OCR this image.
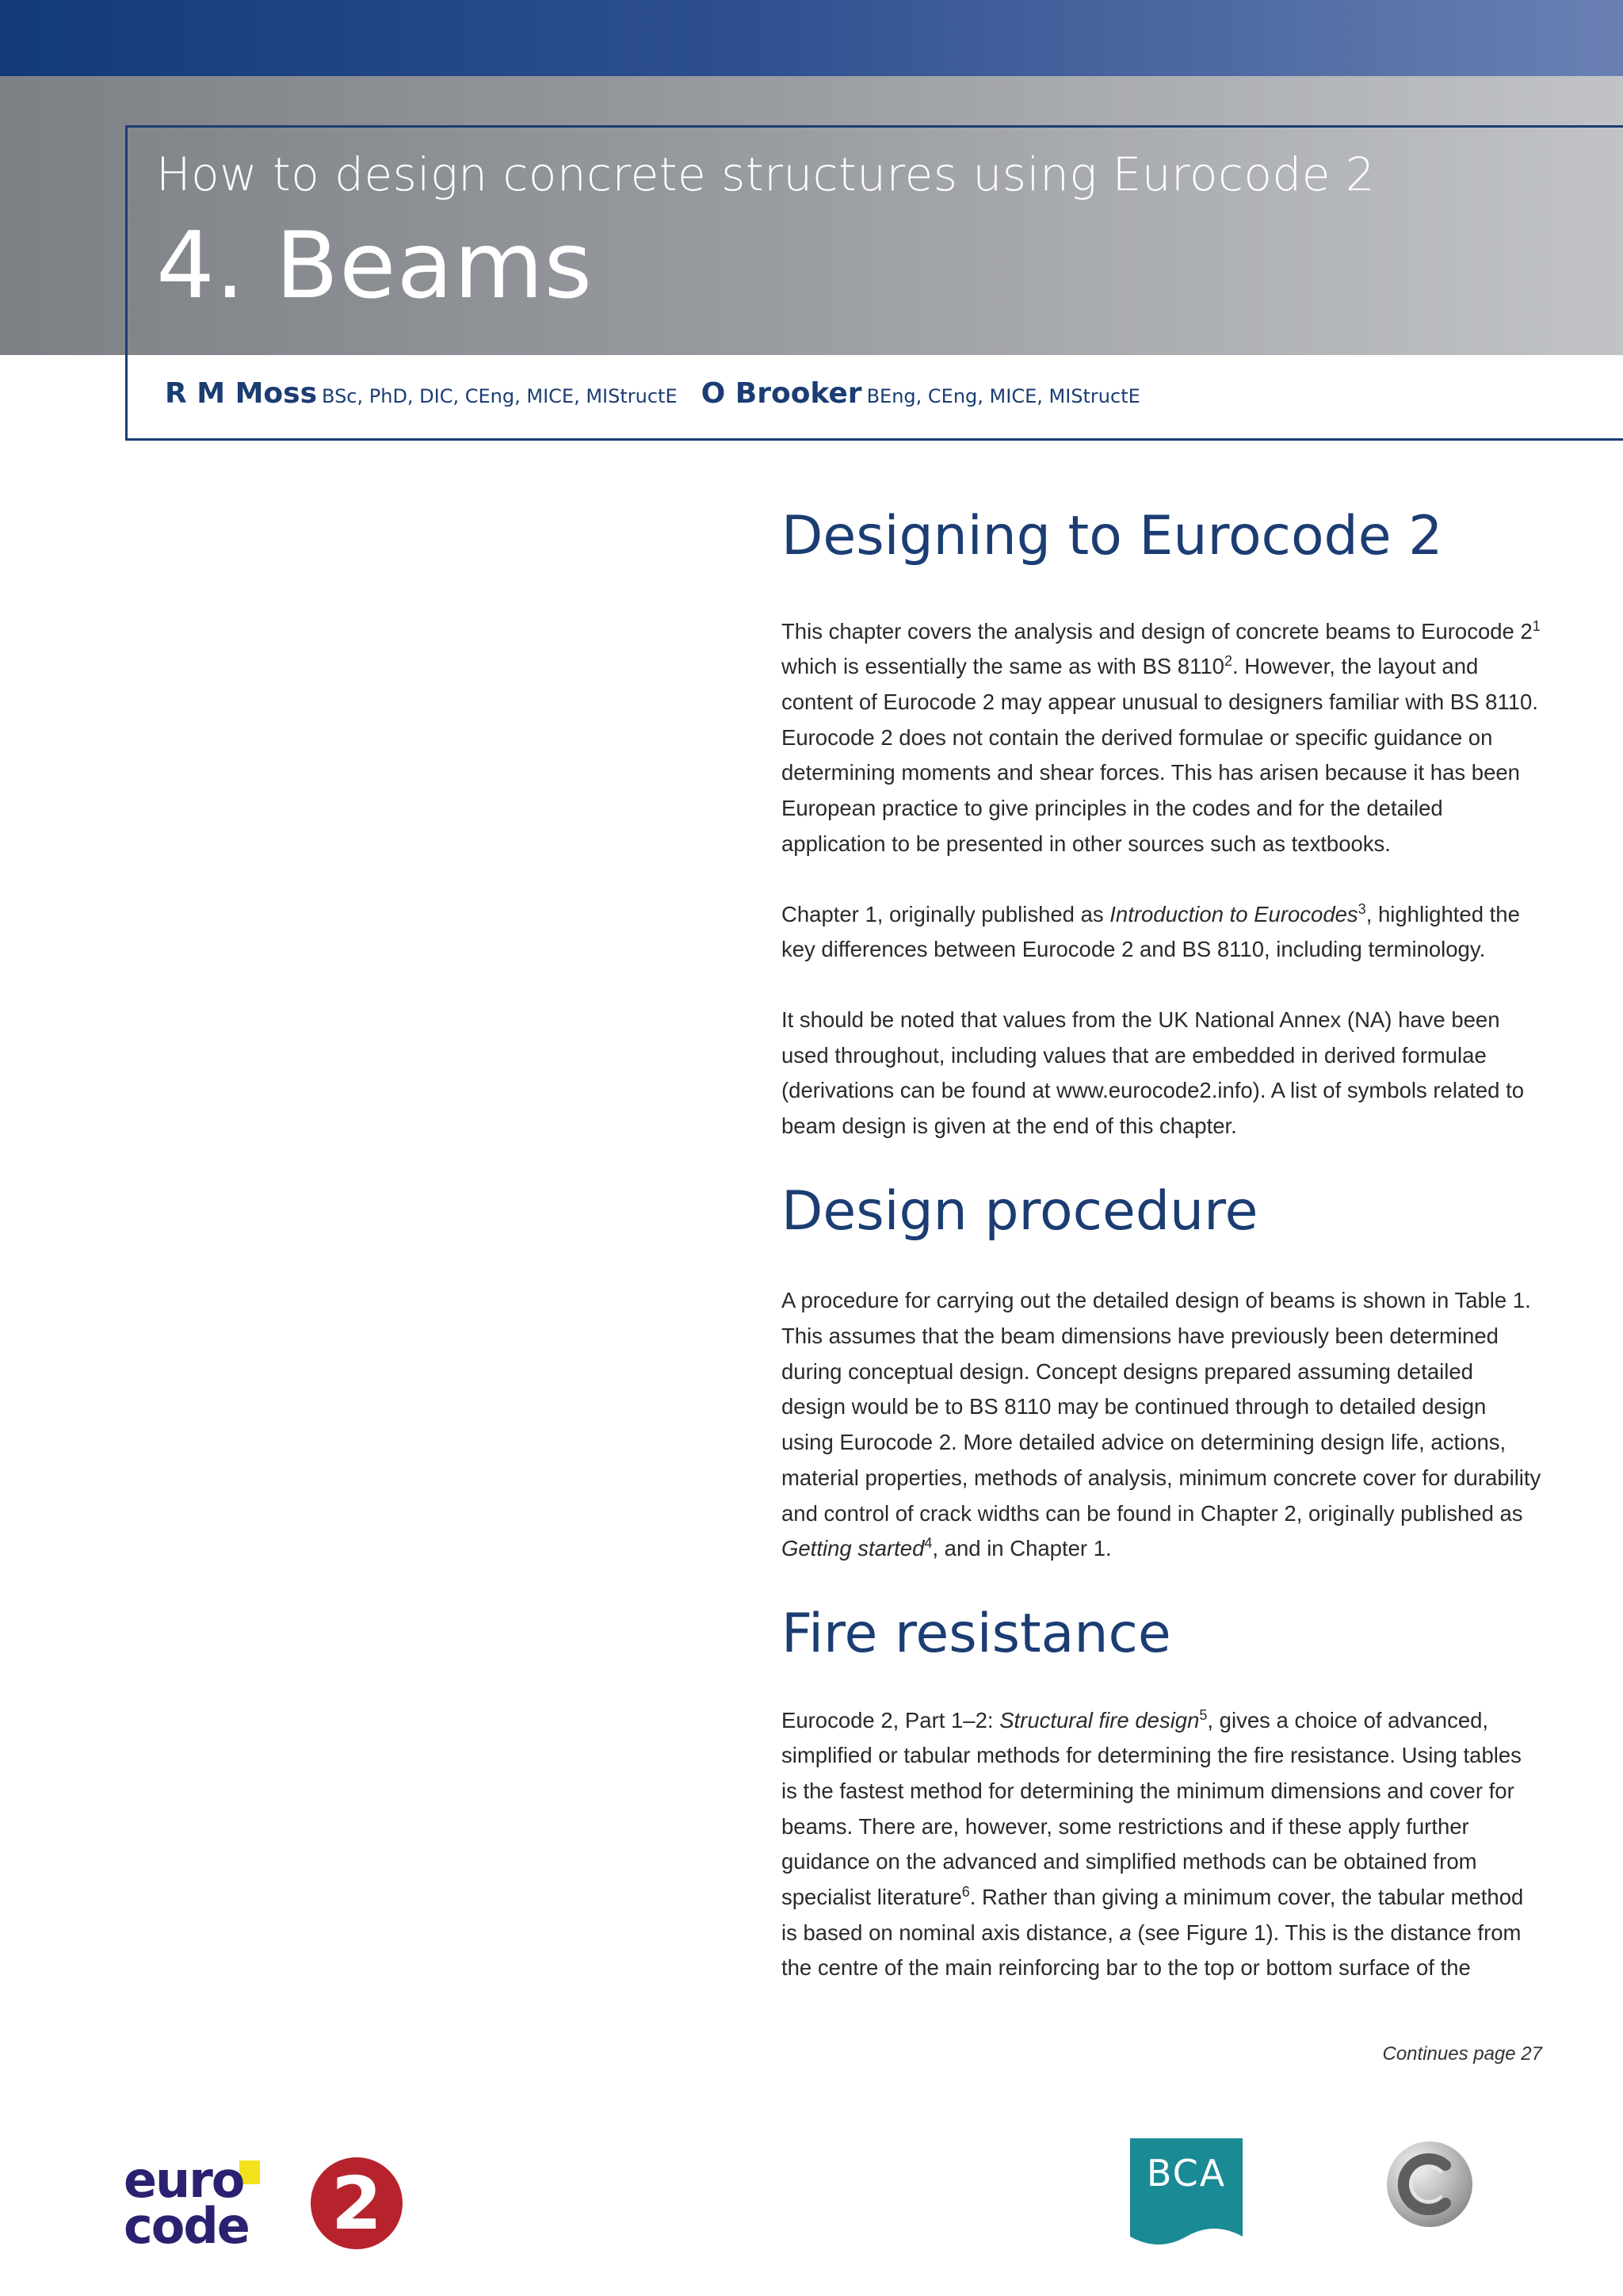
How to design concrete structures using Eurocode 2
4. Beams
R M Moss BSc, PhD, DIC, CEng, MICE, MIStructE O Brooker BEng, CEng, MICE, MIStructE
Designing to Eurocode 2

This chapter covers the analysis and design of concrete beams to Eurocode $2^1$ which is essentially the same as with BS 8110$^2$. However, the layout and content of Eurocode 2 may appear unusual to designers familiar with BS 8110. Eurocode 2 does not contain the derived formulae or specific guidance on determining moments and shear forces. This has arisen because it has been European practice to give principles in the codes and for the detailed application to be presented in other sources such as textbooks.

Chapter 1, originally published as Introduction to Eurocodes$^3$, highlighted the key differences between Eurocode 2 and BS 8110, including terminology.

It should be noted that values from the UK National Annex (NA) have been used throughout, including values that are embedded in derived formulae (derivations can be found at www.eurocode2.info). A list of symbols related to beam design is given at the end of this chapter.

Design procedure

A procedure for carrying out the detailed design of beams is shown in Table 1. This assumes that the beam dimensions have previously been determined during conceptual design. Concept designs prepared assuming detailed design would be to BS 8110 may be continued through to detailed design using Eurocode 2. More detailed advice on determining design life, actions, material properties, methods of analysis, minimum concrete cover for durability and control of crack widths can be found in Chapter 2, originally published as Getting started$^4$, and in Chapter 1.

Fire resistance

Eurocode 2, Part 1–2: Structural fire design$^5$, gives a choice of advanced, simplified or tabular methods for determining the fire resistance. Using tables is the fastest method for determining the minimum dimensions and cover for beams. There are, however, some restrictions and if these apply further guidance on the advanced and simplified methods can be obtained from specialist literature$^6$. Rather than giving a minimum cover, the tabular method is based on nominal axis distance, a (see Figure 1). This is the distance from the centre of the main reinforcing bar to the top or bottom surface of the

Continues page 27
euro
code 2	BCA
